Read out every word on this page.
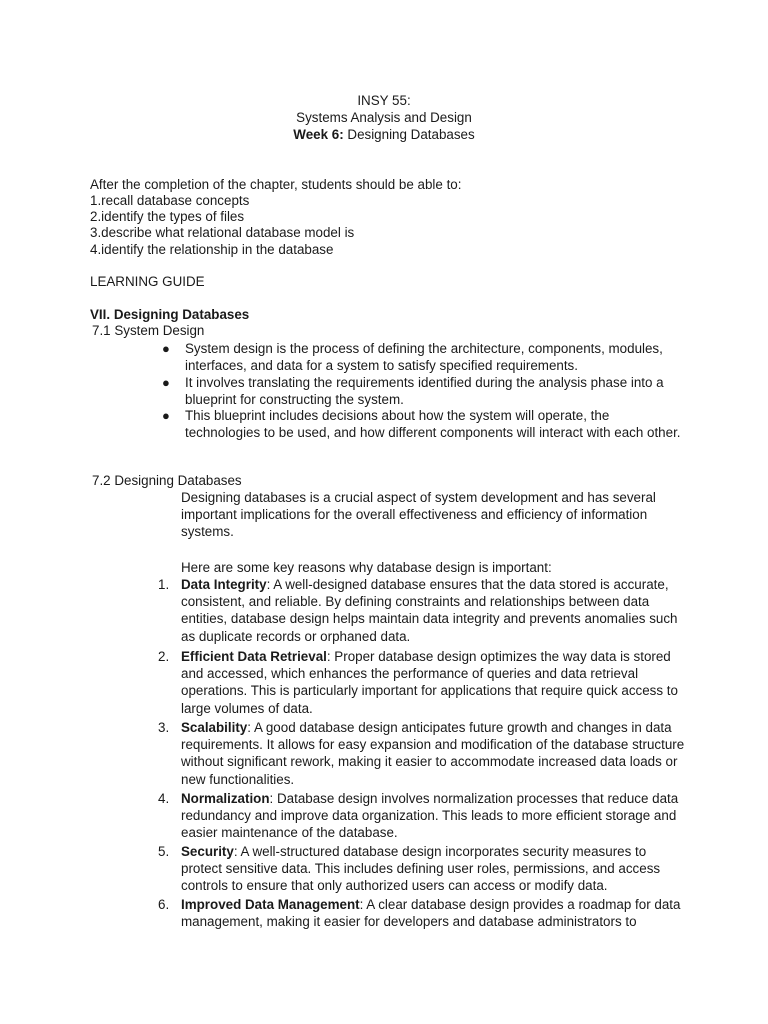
INSY 55:
Systems Analysis and Design
Week 6: Designing Databases
After the completion of the chapter, students should be able to:
1.recall database concepts
2.identify the types of files
3.describe what relational database model is
4.identify the relationship in the database
LEARNING GUIDE
VII. Designing Databases
7.1 System Design
● System design is the process of defining the architecture, components, modules, interfaces, and data for a system to satisfy specified requirements.
● It involves translating the requirements identified during the analysis phase into a blueprint for constructing the system.
● This blueprint includes decisions about how the system will operate, the technologies to be used, and how different components will interact with each other.
7.2 Designing Databases
Designing databases is a crucial aspect of system development and has several important implications for the overall effectiveness and efficiency of information systems.
Here are some key reasons why database design is important:
1. Data Integrity: A well-designed database ensures that the data stored is accurate, consistent, and reliable. By defining constraints and relationships between data entities, database design helps maintain data integrity and prevents anomalies such as duplicate records or orphaned data.
2. Efficient Data Retrieval: Proper database design optimizes the way data is stored and accessed, which enhances the performance of queries and data retrieval operations. This is particularly important for applications that require quick access to large volumes of data.
3. Scalability: A good database design anticipates future growth and changes in data requirements. It allows for easy expansion and modification of the database structure without significant rework, making it easier to accommodate increased data loads or new functionalities.
4. Normalization: Database design involves normalization processes that reduce data redundancy and improve data organization. This leads to more efficient storage and easier maintenance of the database.
5. Security: A well-structured database design incorporates security measures to protect sensitive data. This includes defining user roles, permissions, and access controls to ensure that only authorized users can access or modify data.
6. Improved Data Management: A clear database design provides a roadmap for data management, making it easier for developers and database administrators to
